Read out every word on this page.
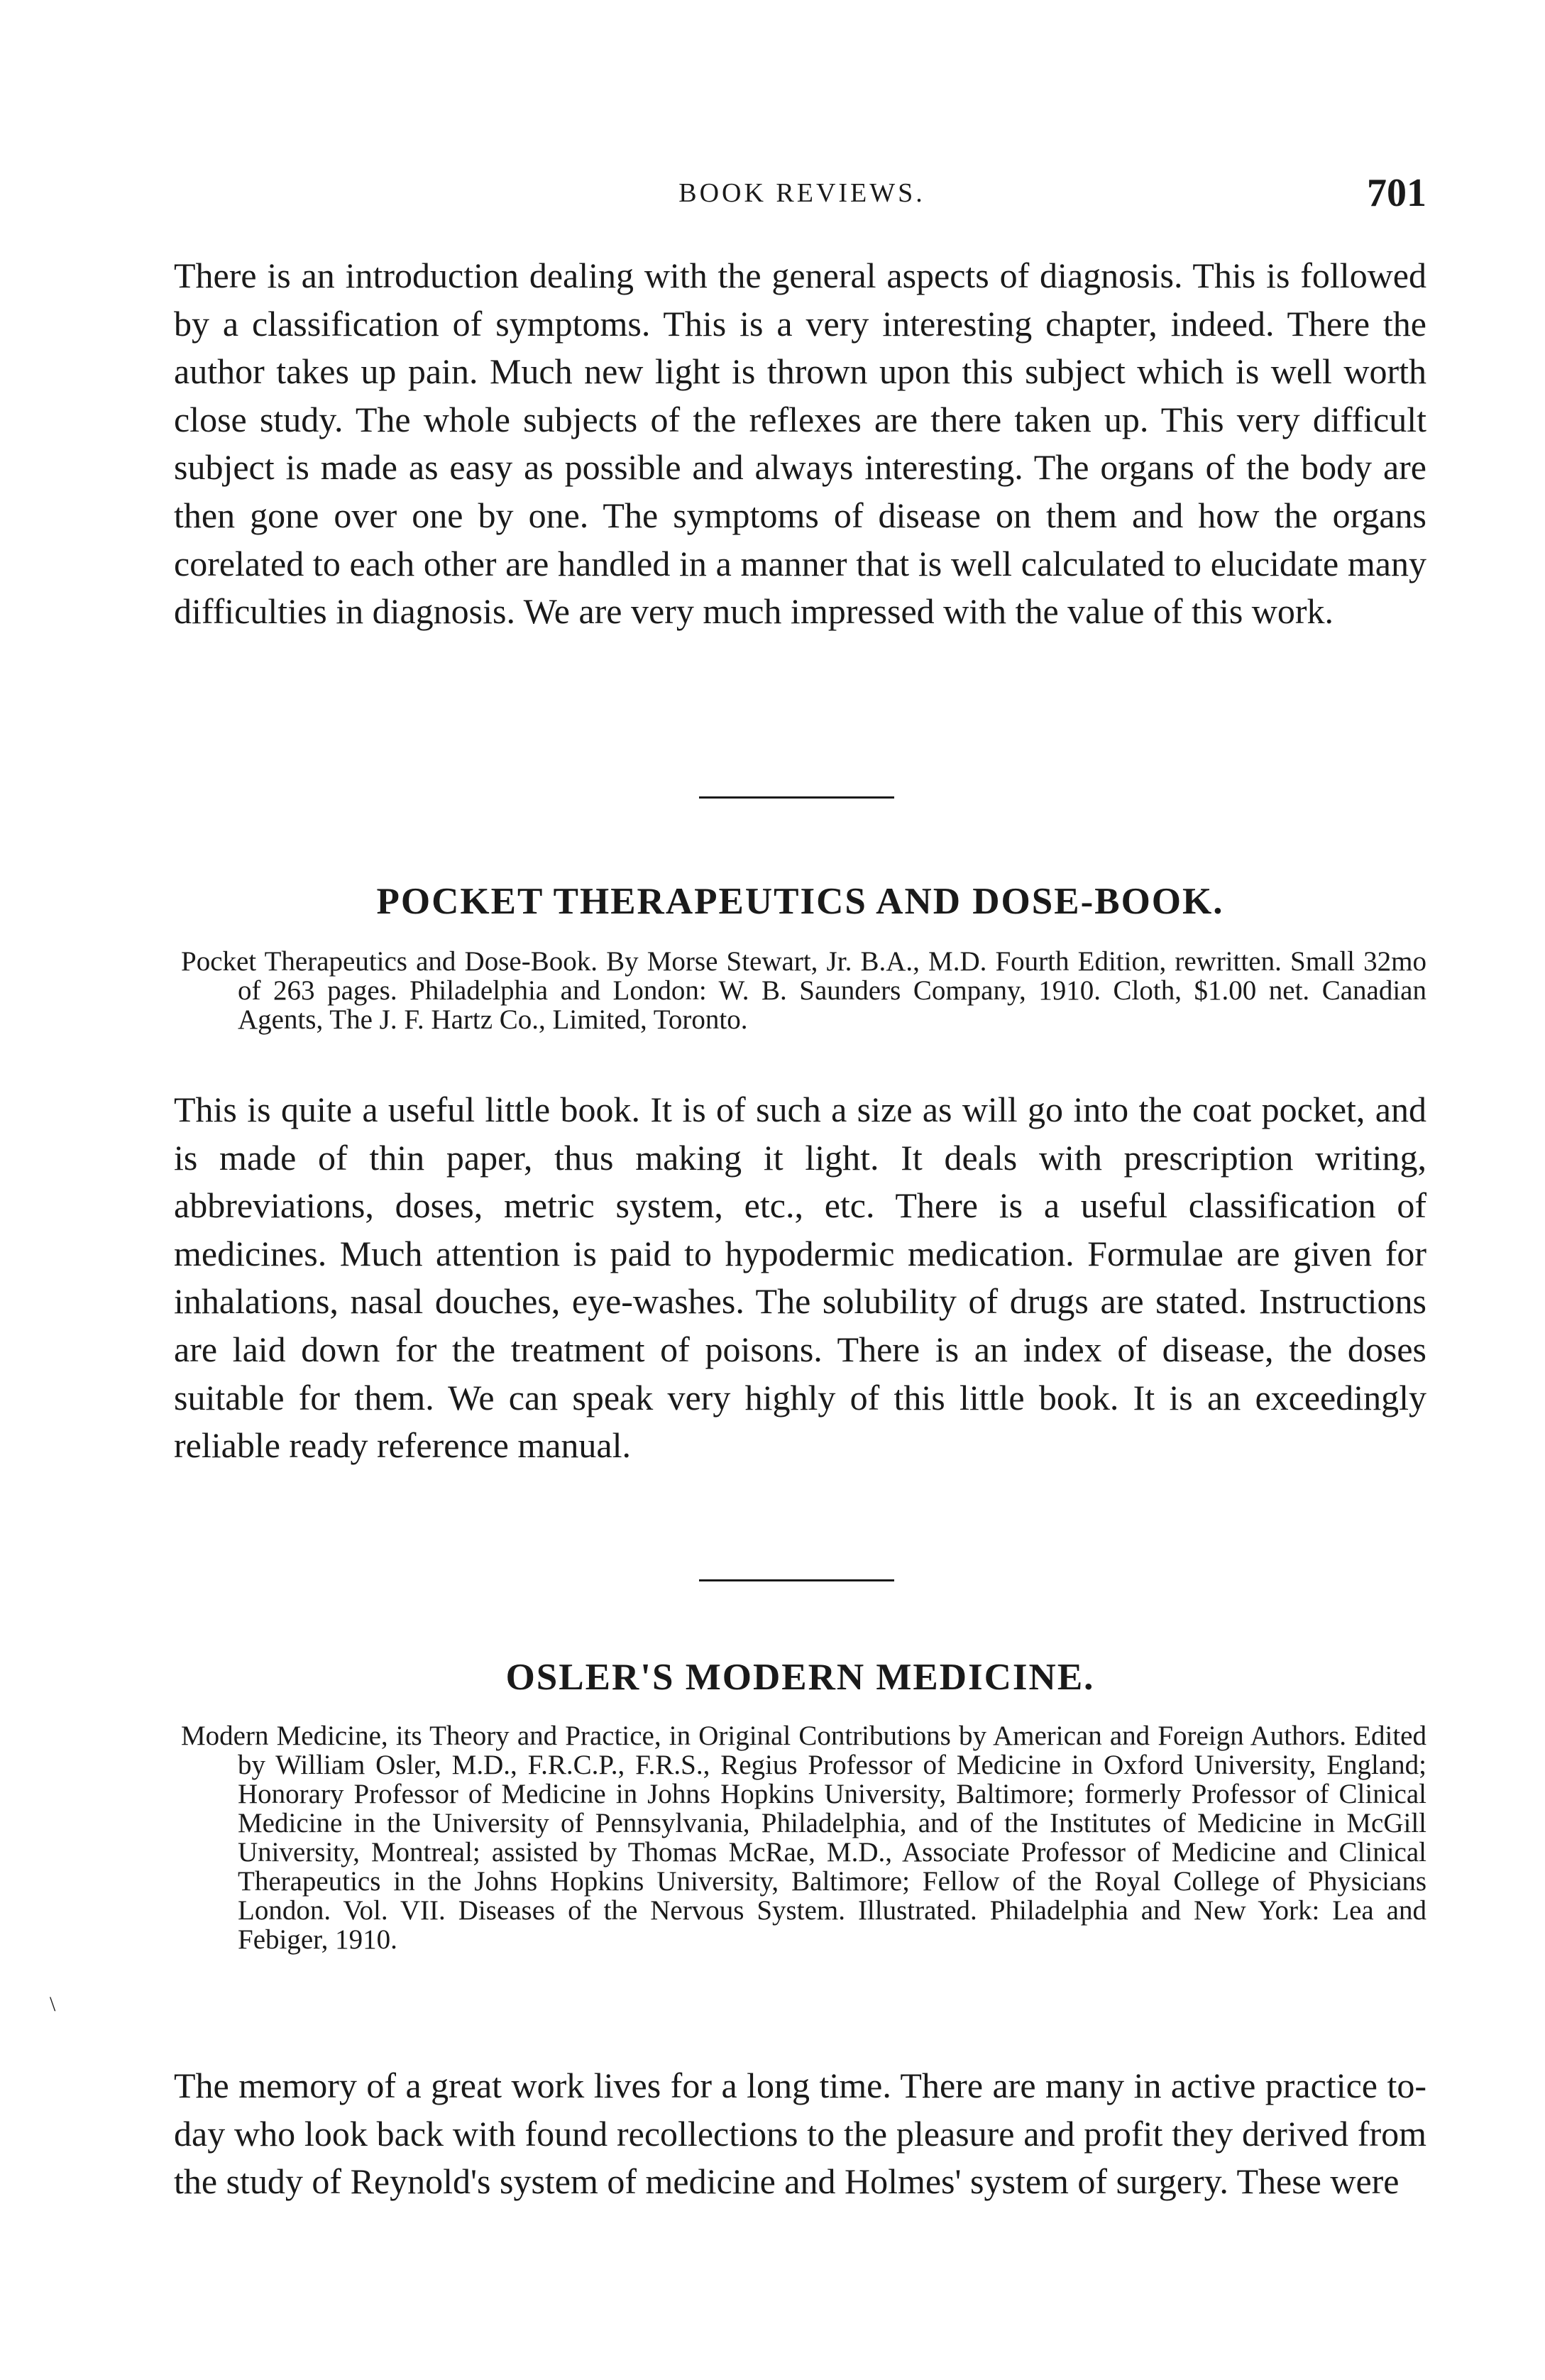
BOOK REVIEWS.	701

There is an introduction dealing with the general aspects of diagnosis. This is followed by a classification of symptoms. This is a very interesting chapter, indeed. There the author takes up pain. Much new light is thrown upon this subject which is well worth close study. The whole subjects of the reflexes are there taken up. This very difficult subject is made as easy as possible and always interesting. The organs of the body are then gone over one by one. The symptoms of disease on them and how the organs corelated to each other are handled in a manner that is well calculated to elucidate many difficulties in diagnosis. We are very much impressed with the value of this work.

POCKET THERAPEUTICS AND DOSE-BOOK.

Pocket Therapeutics and Dose-Book. By Morse Stewart, Jr. B.A., M.D. Fourth Edition, rewritten. Small 32mo of 263 pages. Philadelphia and London: W. B. Saunders Company, 1910. Cloth, $1.00 net. Canadian Agents, The J. F. Hartz Co., Limited, Toronto.

This is quite a useful little book. It is of such a size as will go into the coat pocket, and is made of thin paper, thus making it light. It deals with prescription writing, abbreviations, doses, metric system, etc., etc. There is a useful classification of medicines. Much attention is paid to hypodermic medication. Formulae are given for inhalations, nasal douches, eye-washes. The solubility of drugs are stated. Instructions are laid down for the treatment of poisons. There is an index of disease, the doses suitable for them. We can speak very highly of this little book. It is an exceedingly reliable ready reference manual.

OSLER'S MODERN MEDICINE.

Modern Medicine, its Theory and Practice, in Original Contributions by American and Foreign Authors. Edited by William Osler, M.D., F.R.C.P., F.R.S., Regius Professor of Medicine in Oxford University, England; Honorary Professor of Medicine in Johns Hopkins University, Baltimore; formerly Professor of Clinical Medicine in the University of Pennsylvania, Philadelphia, and of the Institutes of Medicine in McGill University, Montreal; assisted by Thomas McRae, M.D., Associate Professor of Medicine and Clinical Therapeutics in the Johns Hopkins University, Baltimore; Fellow of the Royal College of Physicians London. Vol. VII. Diseases of the Nervous System. Illustrated. Philadelphia and New York: Lea and Febiger, 1910.

The memory of a great work lives for a long time. There are many in active practice to-day who look back with found recollections to the pleasure and profit they derived from the study of Reynold's system of medicine and Holmes' system of surgery. These were

\
